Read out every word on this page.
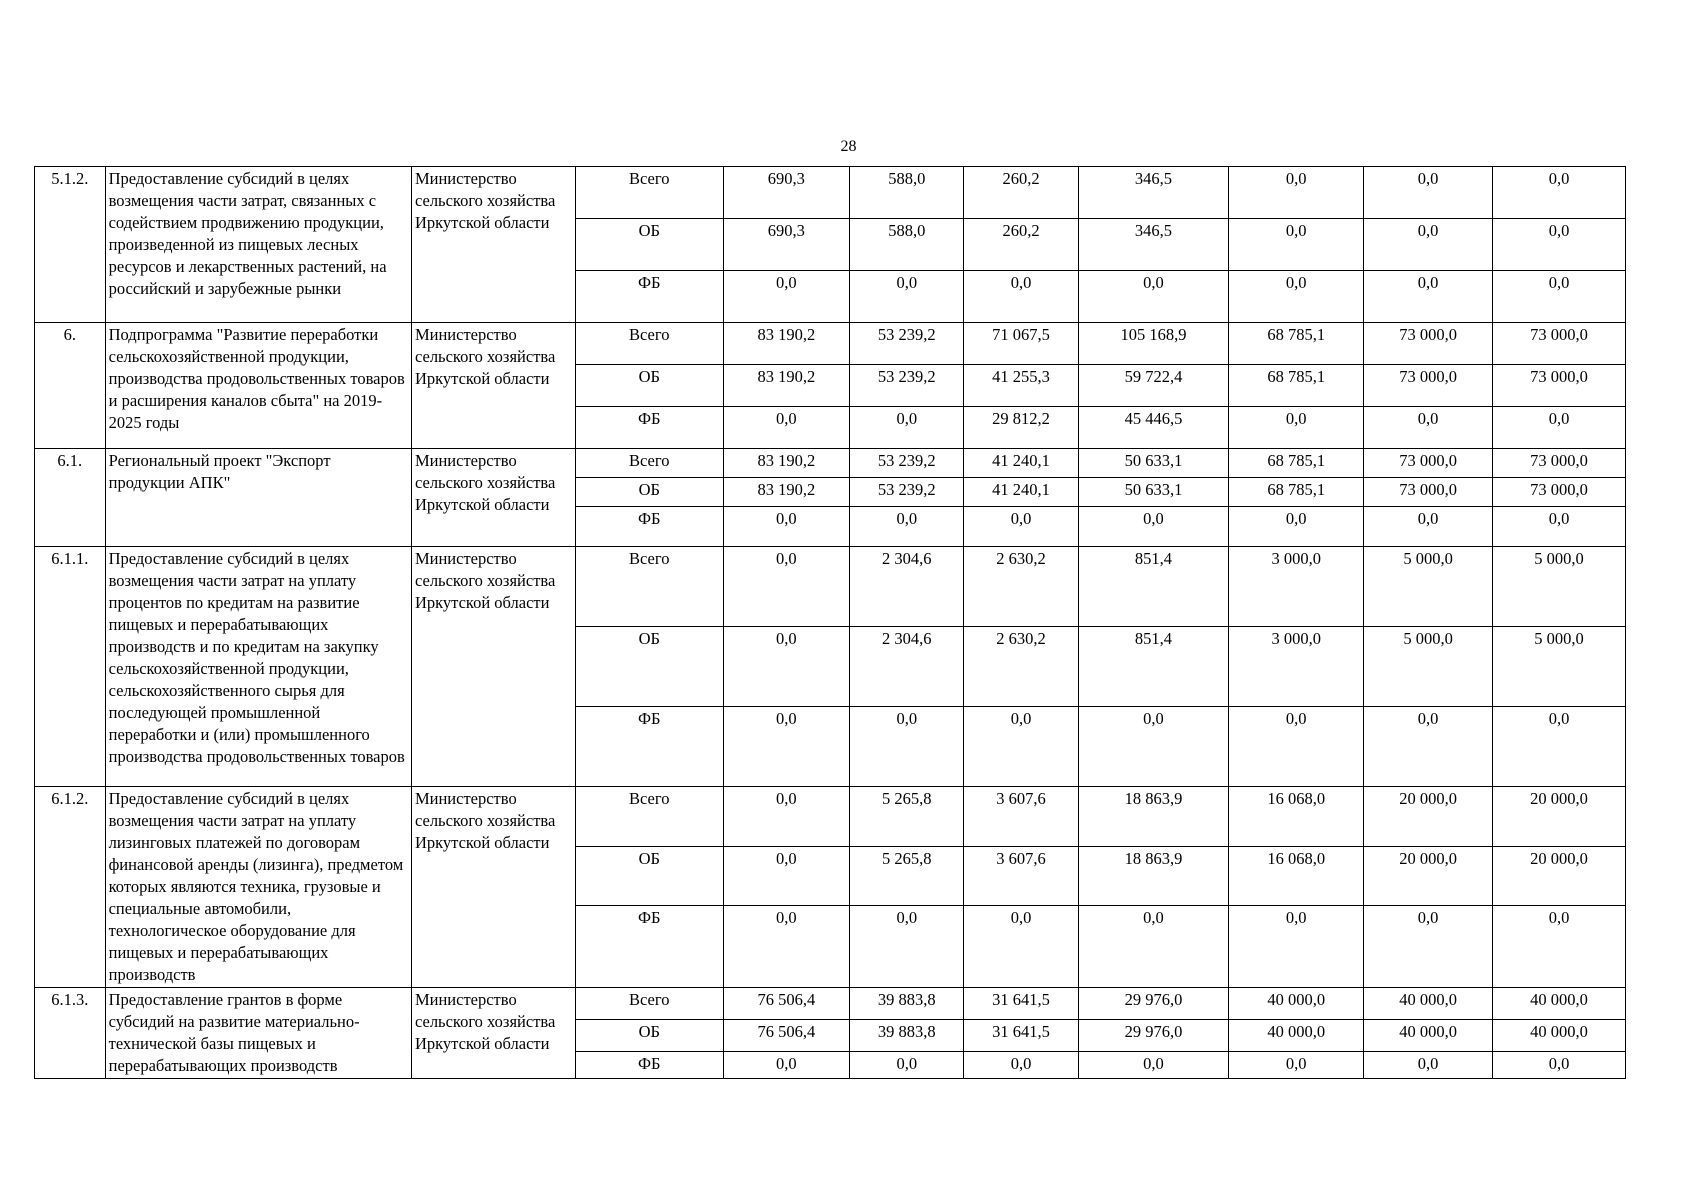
28
5.1.2.	Предоставление субсидий в целях возмещения части затрат, связанных с содействием продвижению продукции, произведенной из пищевых лесных ресурсов и лекарственных растений, на российский и зарубежные рынки	Министерство сельского хозяйства Иркутской области	Всего	690,3	588,0	260,2	346,5	0,0	0,0	0,0
			ОБ	690,3	588,0	260,2	346,5	0,0	0,0	0,0
			ФБ	0,0	0,0	0,0	0,0	0,0	0,0	0,0
6.	Подпрограмма "Развитие переработки сельскохозяйственной продукции, производства продовольственных товаров и расширения каналов сбыта" на 2019-2025 годы	Министерство сельского хозяйства Иркутской области	Всего	83 190,2	53 239,2	71 067,5	105 168,9	68 785,1	73 000,0	73 000,0
			ОБ	83 190,2	53 239,2	41 255,3	59 722,4	68 785,1	73 000,0	73 000,0
			ФБ	0,0	0,0	29 812,2	45 446,5	0,0	0,0	0,0
6.1.	Региональный проект "Экспорт продукции АПК"	Министерство сельского хозяйства Иркутской области	Всего	83 190,2	53 239,2	41 240,1	50 633,1	68 785,1	73 000,0	73 000,0
			ОБ	83 190,2	53 239,2	41 240,1	50 633,1	68 785,1	73 000,0	73 000,0
			ФБ	0,0	0,0	0,0	0,0	0,0	0,0	0,0
6.1.1.	Предоставление субсидий в целях возмещения части затрат на уплату процентов по кредитам на развитие пищевых и перерабатывающих производств и по кредитам на закупку сельскохозяйственной продукции, сельскохозяйственного сырья для последующей промышленной переработки и (или) промышленного производства продовольственных товаров	Министерство сельского хозяйства Иркутской области	Всего	0,0	2 304,6	2 630,2	851,4	3 000,0	5 000,0	5 000,0
			ОБ	0,0	2 304,6	2 630,2	851,4	3 000,0	5 000,0	5 000,0
			ФБ	0,0	0,0	0,0	0,0	0,0	0,0	0,0
6.1.2.	Предоставление субсидий в целях возмещения части затрат на уплату лизинговых платежей по договорам финансовой аренды (лизинга), предметом которых являются техника, грузовые и специальные автомобили, технологическое оборудование для пищевых и перерабатывающих производств	Министерство сельского хозяйства Иркутской области	Всего	0,0	5 265,8	3 607,6	18 863,9	16 068,0	20 000,0	20 000,0
			ОБ	0,0	5 265,8	3 607,6	18 863,9	16 068,0	20 000,0	20 000,0
			ФБ	0,0	0,0	0,0	0,0	0,0	0,0	0,0
6.1.3.	Предоставление грантов в форме субсидий на развитие материально-технической базы пищевых и перерабатывающих производств	Министерство сельского хозяйства Иркутской области	Всего	76 506,4	39 883,8	31 641,5	29 976,0	40 000,0	40 000,0	40 000,0
			ОБ	76 506,4	39 883,8	31 641,5	29 976,0	40 000,0	40 000,0	40 000,0
			ФБ	0,0	0,0	0,0	0,0	0,0	0,0	0,0
